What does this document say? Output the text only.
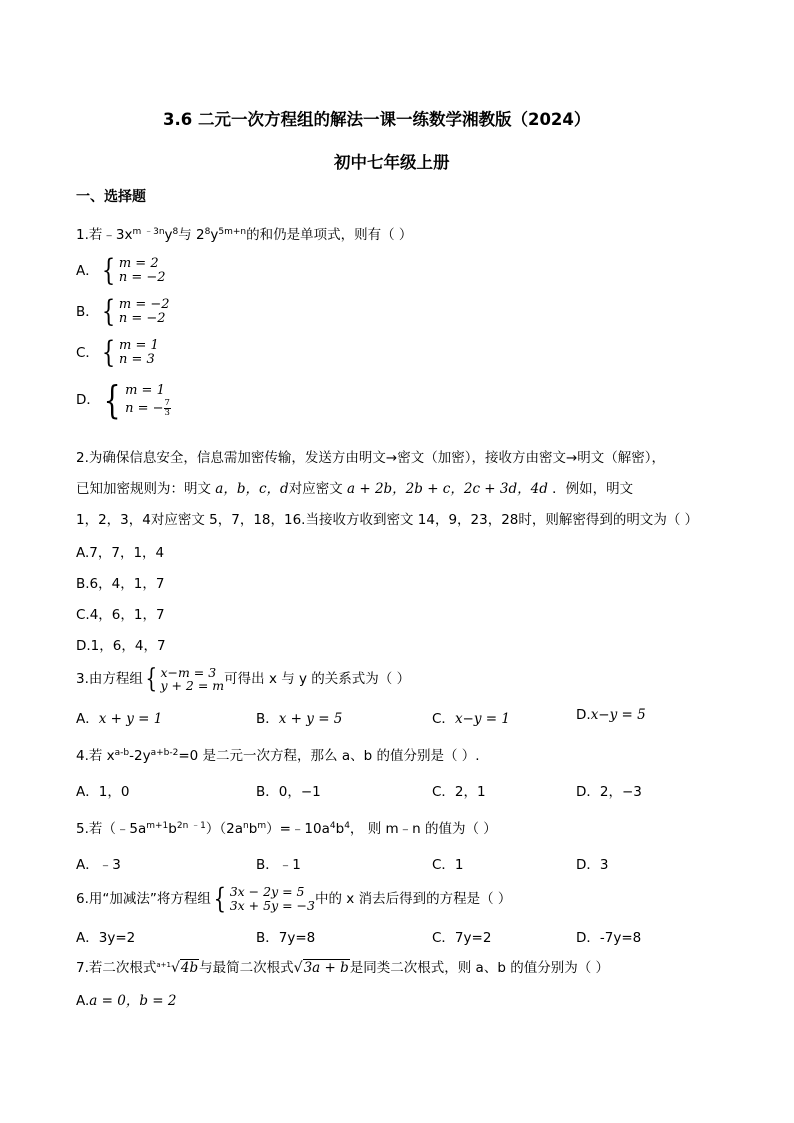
3.6 二元一次方程组的解法一课一练数学湘教版（2024）
初中七年级上册
一、选择题
1.若$﹣3x^{m ﹣3n}y^8$与 $2^8y^{5m+n}$的和仍是单项式，则有（ ）
A． { m = 2
n = −2
B． { m = −2
n = −2
C． { m = 1
n = 3
D． { m = 1
n = − $\frac{7}{3}$
2.为确保信息安全，信息需加密传输，发送方由明文→密文（加密），接收方由密文→明文（解密），
已知加密规则为：明文 a，b，c，d对应密文 a + 2b，2b + c，2c + 3d，4d ．例如，明文
1，2，3，4对应密文 5，7，18，16.当接收方收到密文 14，9，23，28时，则解密得到的明文为（ ）
A.7，7，1，4
B.6，4，1，7
C.4，6，1，7
D.1，6，4，7
3.由方程组 { x−m = 3
y + 2 = m 可得出 x 与 y 的关系式为（ ）
A．x + y = 1	B．x + y = 5	C．x−y = 1	D.x−y = 5
4.若 $x^{a-b}-2y^{a+b-2}=0$ 是二元一次方程，那么 a、b 的值分别是（ ）.
A．1，0	B．0，−1	C．2，1	D．2，−3
5.若$(﹣5a^{m+1}b^{2n ﹣1})(2a^nb^m)=﹣10a^4b^4$， 则 m﹣n 的值为（ ）
A．﹣3	B．﹣1	C．1	D．3
6.用“加减法”将方程组 { 3x − 2y = 5
3x + 5y = −3 中的 x 消去后得到的方程是（ ）
A．3y=2	B．7y=8	C．7y=2	D．-7y=8
7.若二次根式$^{a+1}$√4b与最简二次根式√3a + b是同类二次根式，则 a、b 的值分别为（ ）
A.a = 0，b = 2
